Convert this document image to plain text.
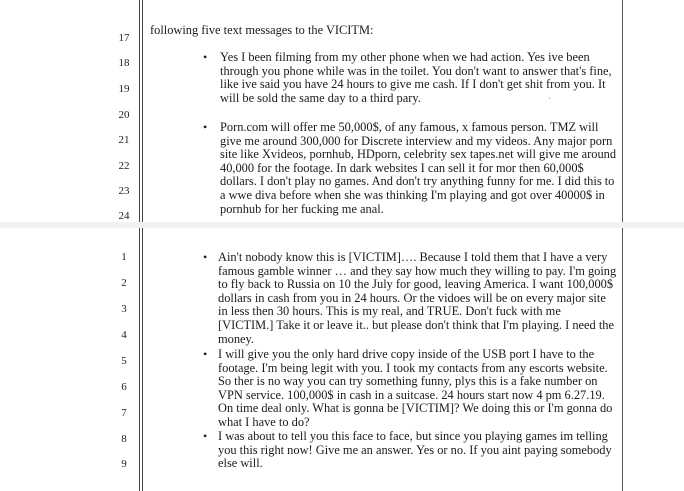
17
18
19
20
21
22
23
24

following five text messages to the VICITM:

• Yes I been filming from my other phone when we had action. Yes ive been through you phone while was in the toilet. You don't want to answer that's fine, like ive said you have 24 hours to give me cash. If I don't get shit from you. It will be sold the same day to a third pary.

• Porn.com will offer me 50,000$, of any famous, x famous person. TMZ will give me around 300,000 for Discrete interview and my videos. Any major porn site like Xvideos, pornhub, HDporn, celebrity sex tapes.net will give me around 40,000 for the footage. In dark websites I can sell it for mor then 60,000$ dollars. I don't play no games. And don't try anything funny for me. I did this to a wwe diva before when she was thinking I'm playing and got over 40000$ in pornhub for her fucking me anal.

`
1
2
3
4
5
6
7
8
9
• Ain't nobody know this is [VICTIM]…. Because I told them that I have a very famous gamble winner … and they say how much they willing to pay. I'm going to fly back to Russia on 10 the July for good, leaving America. I want 100,000$ dollars in cash from you in 24 hours. Or the vidoes will be on every major site in less then 30 hours. This is my real, and TRUE. Don't fuck with me [VICTIM.] Take it or leave it.. but please don't think that I'm playing. I need the money.

• I will give you the only hard drive copy inside of the USB port I have to the footage. I'm being legit with you. I took my contacts from any escorts website. So ther is no way you can try something funny, plys this is a fake number on VPN service. 100,000$ in cash in a suitcase. 24 hours start now 4 pm 6.27.19. On time deal only. What is gonna be [VICTIM]? We doing this or I'm gonna do what I have to do?

• I was about to tell you this face to face, but since you playing games im telling you this right now! Give me an answer. Yes or no. If you aint paying somebody else will.
